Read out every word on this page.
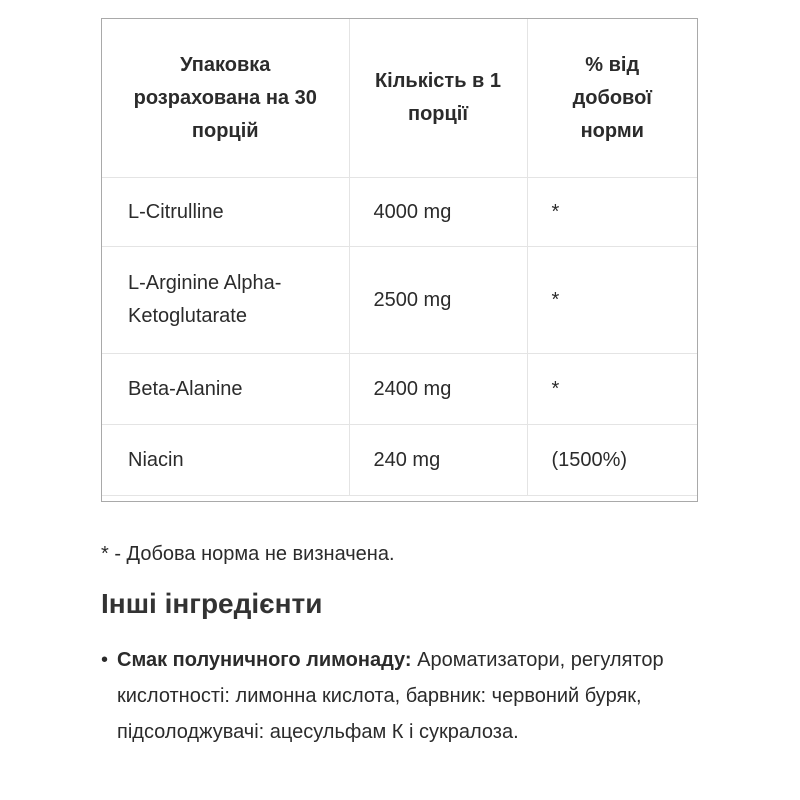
Упаковка розрахована на 30 порцій	Кількість в 1 порції	% від добової норми
L-Citrulline	4000 mg	*
L-Arginine Alpha-Ketoglutarate	2500 mg	*
Beta-Alanine	2400 mg	*
Niacin	240 mg	(1500%)

* - Добова норма не визначена.

Інші інгредієнти
• Смак полуничного лимонаду: Ароматизатори, регулятор кислотності: лимонна кислота, барвник: червоний буряк, підсолоджувачі: ацесульфам К і сукралоза.
